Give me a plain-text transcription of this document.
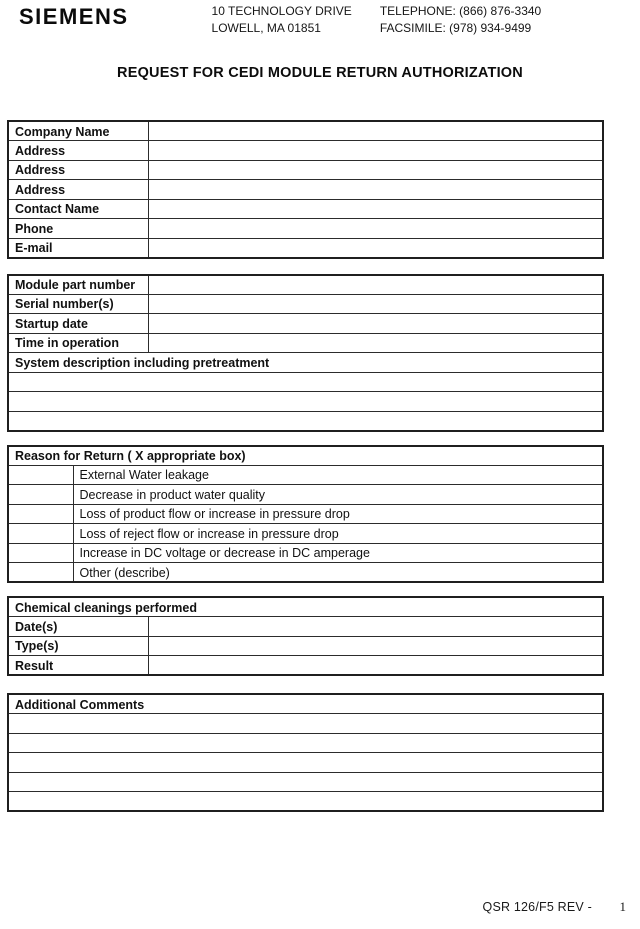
SIEMENS	10 TECHNOLOGY DRIVE
LOWELL, MA 01851
TELEPHONE: (866) 876-3340
FACSIMILE: (978) 934-9499
REQUEST FOR CEDI MODULE RETURN AUTHORIZATION
Company Name	
Address	
Address	
Address	
Contact Name	
Phone	
E-mail	
Module part number	
Serial number(s)	
Startup date	
Time in operation	
System description including pretreatment	

Reason for Return ( X appropriate box)	
	External Water leakage
	Decrease in product water quality
	Loss of product flow or increase in pressure drop
	Loss of reject flow or increase in pressure drop
	Increase in DC voltage or decrease in DC amperage
	Other (describe)
Chemical cleanings performed	
Date(s)	
Type(s)	
Result	
Additional Comments

QSR 126/F5 REV - 1
